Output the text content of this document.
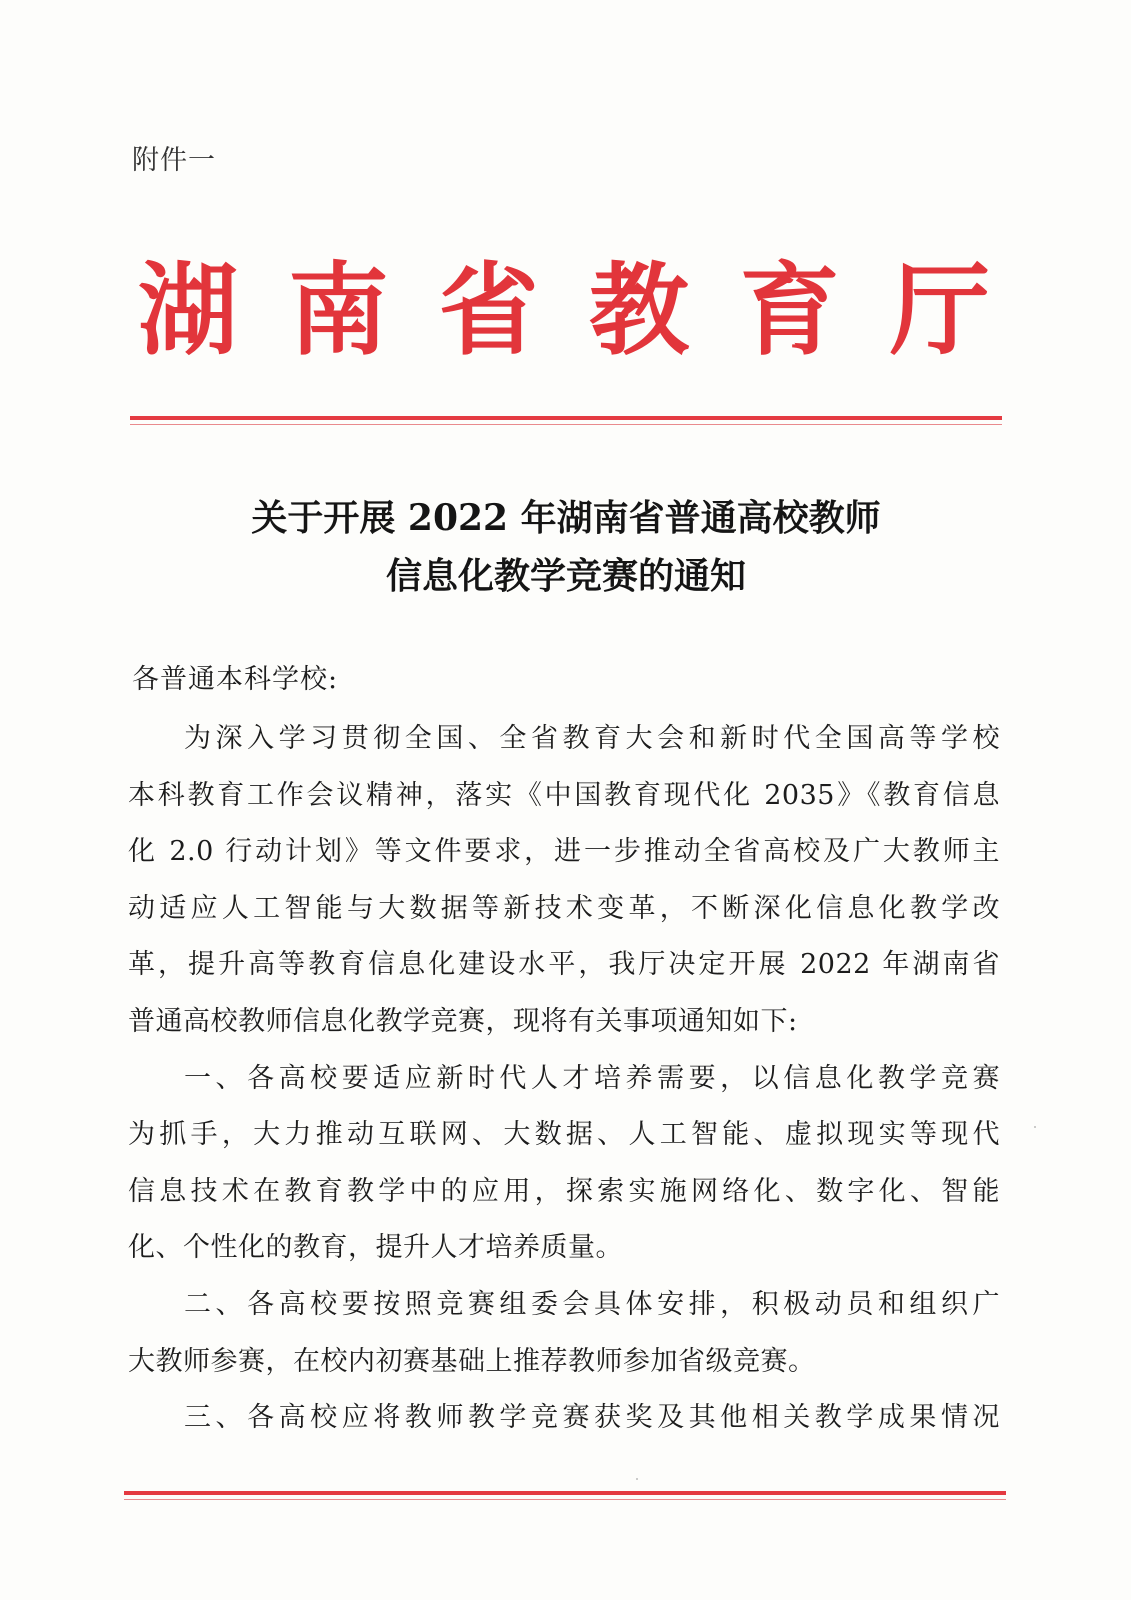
附件一
湖 南 省 教 育 厅
关于开展 2022 年湖南省普通高校教师
信息化教学竞赛的通知
各普通本科学校:
为深入学习贯彻全国、全省教育大会和新时代全国高等学校
本科教育工作会议精神，落实《中国教育现代化 2035》《教育信息
化 2.0 行动计划》等文件要求，进一步推动全省高校及广大教师主
动适应人工智能与大数据等新技术变革，不断深化信息化教学改
革，提升高等教育信息化建设水平，我厅决定开展 2022 年湖南省
普通高校教师信息化教学竞赛，现将有关事项通知如下:
一、各高校要适应新时代人才培养需要，以信息化教学竞赛
为抓手，大力推动互联网、大数据、人工智能、虚拟现实等现代
信息技术在教育教学中的应用，探索实施网络化、数字化、智能
化、个性化的教育，提升人才培养质量。
二、各高校要按照竞赛组委会具体安排，积极动员和组织广
大教师参赛，在校内初赛基础上推荐教师参加省级竞赛。
三、各高校应将教师教学竞赛获奖及其他相关教学成果情况
